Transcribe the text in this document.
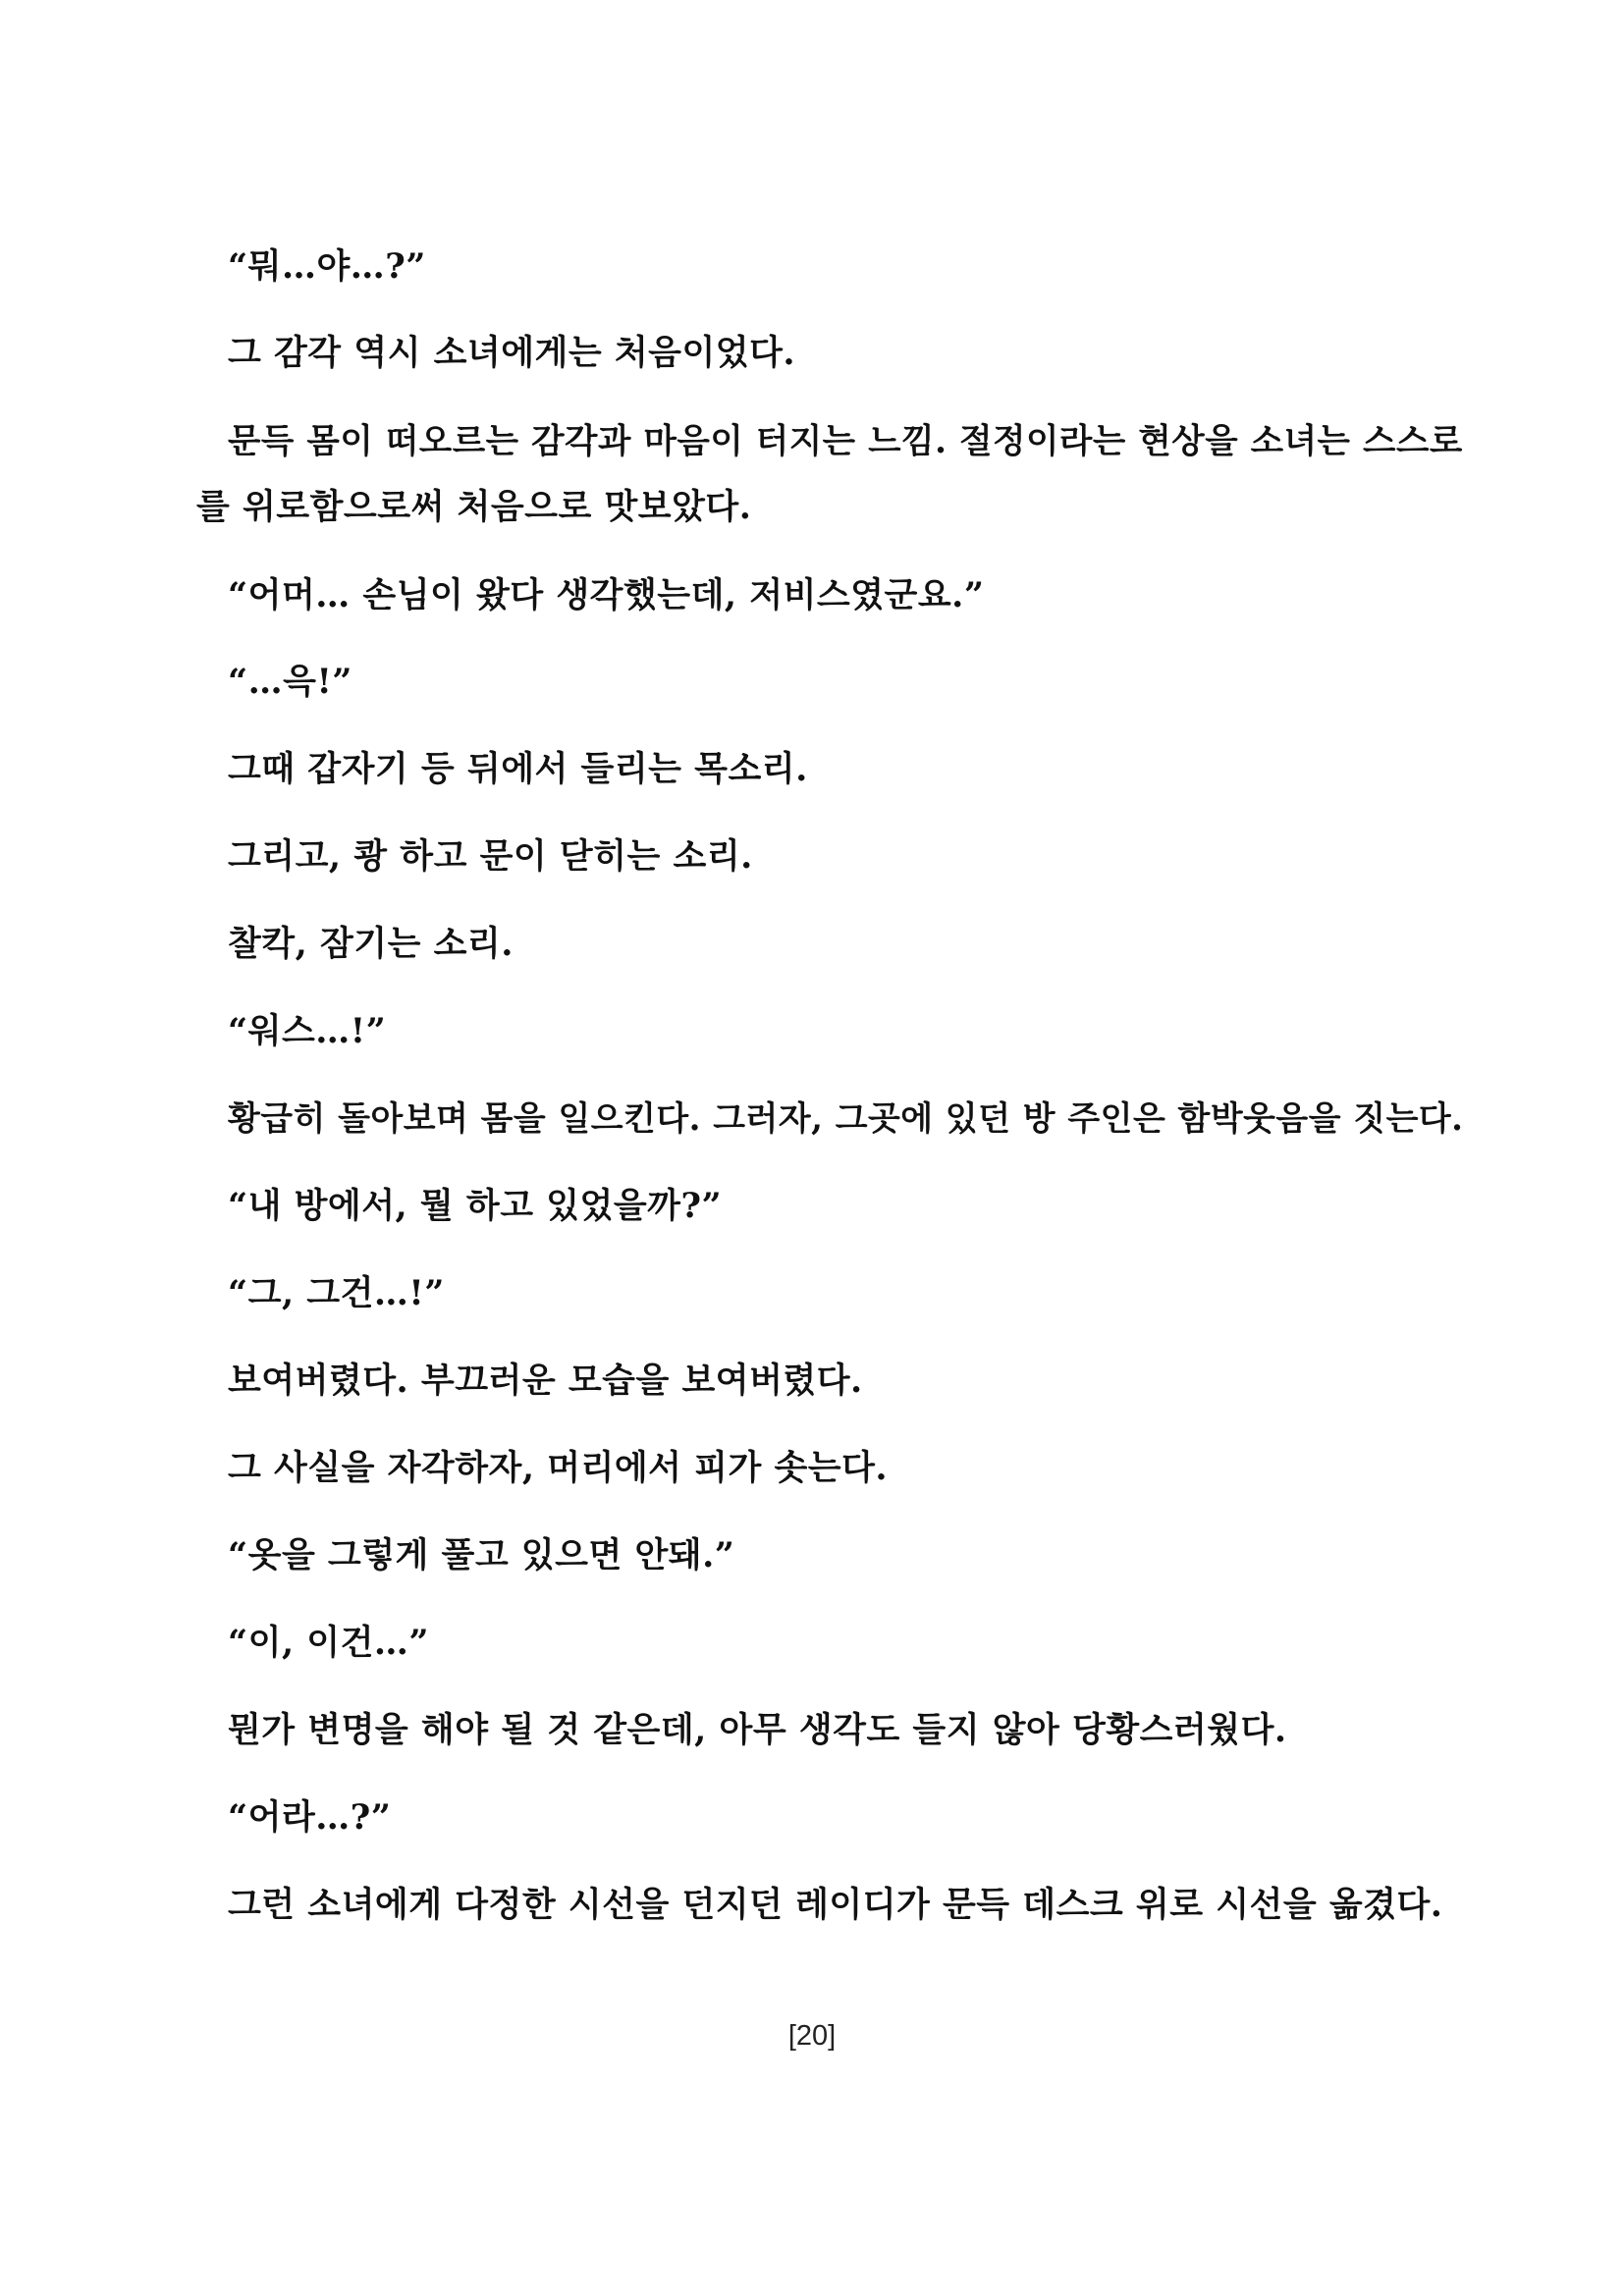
“뭐…야…?”
그 감각 역시 소녀에게는 처음이었다.
문득 몸이 떠오르는 감각과 마음이 터지는 느낌. 절정이라는 현상을 소녀는 스스로
를 위로함으로써 처음으로 맛보았다.
“어머… 손님이 왔다 생각했는데, 저비스였군요.”
“…윽!”
그때 갑자기 등 뒤에서 들리는 목소리.
그리고, 쾅 하고 문이 닫히는 소리.
찰칵, 잠기는 소리.
“워스…!”
황급히 돌아보며 몸을 일으킨다. 그러자, 그곳에 있던 방 주인은 함박웃음을 짓는다.
“내 방에서, 뭘 하고 있었을까?”
“그, 그건…!”
보여버렸다. 부끄러운 모습을 보여버렸다.
그 사실을 자각하자, 머리에서 피가 솟는다.
“옷을 그렇게 풀고 있으면 안돼.”
“이, 이건…”
뭔가 변명을 해야 될 것 같은데, 아무 생각도 들지 않아 당황스러웠다.
“어라…?”
그런 소녀에게 다정한 시선을 던지던 레이디가 문득 데스크 위로 시선을 옮겼다.
[20]
